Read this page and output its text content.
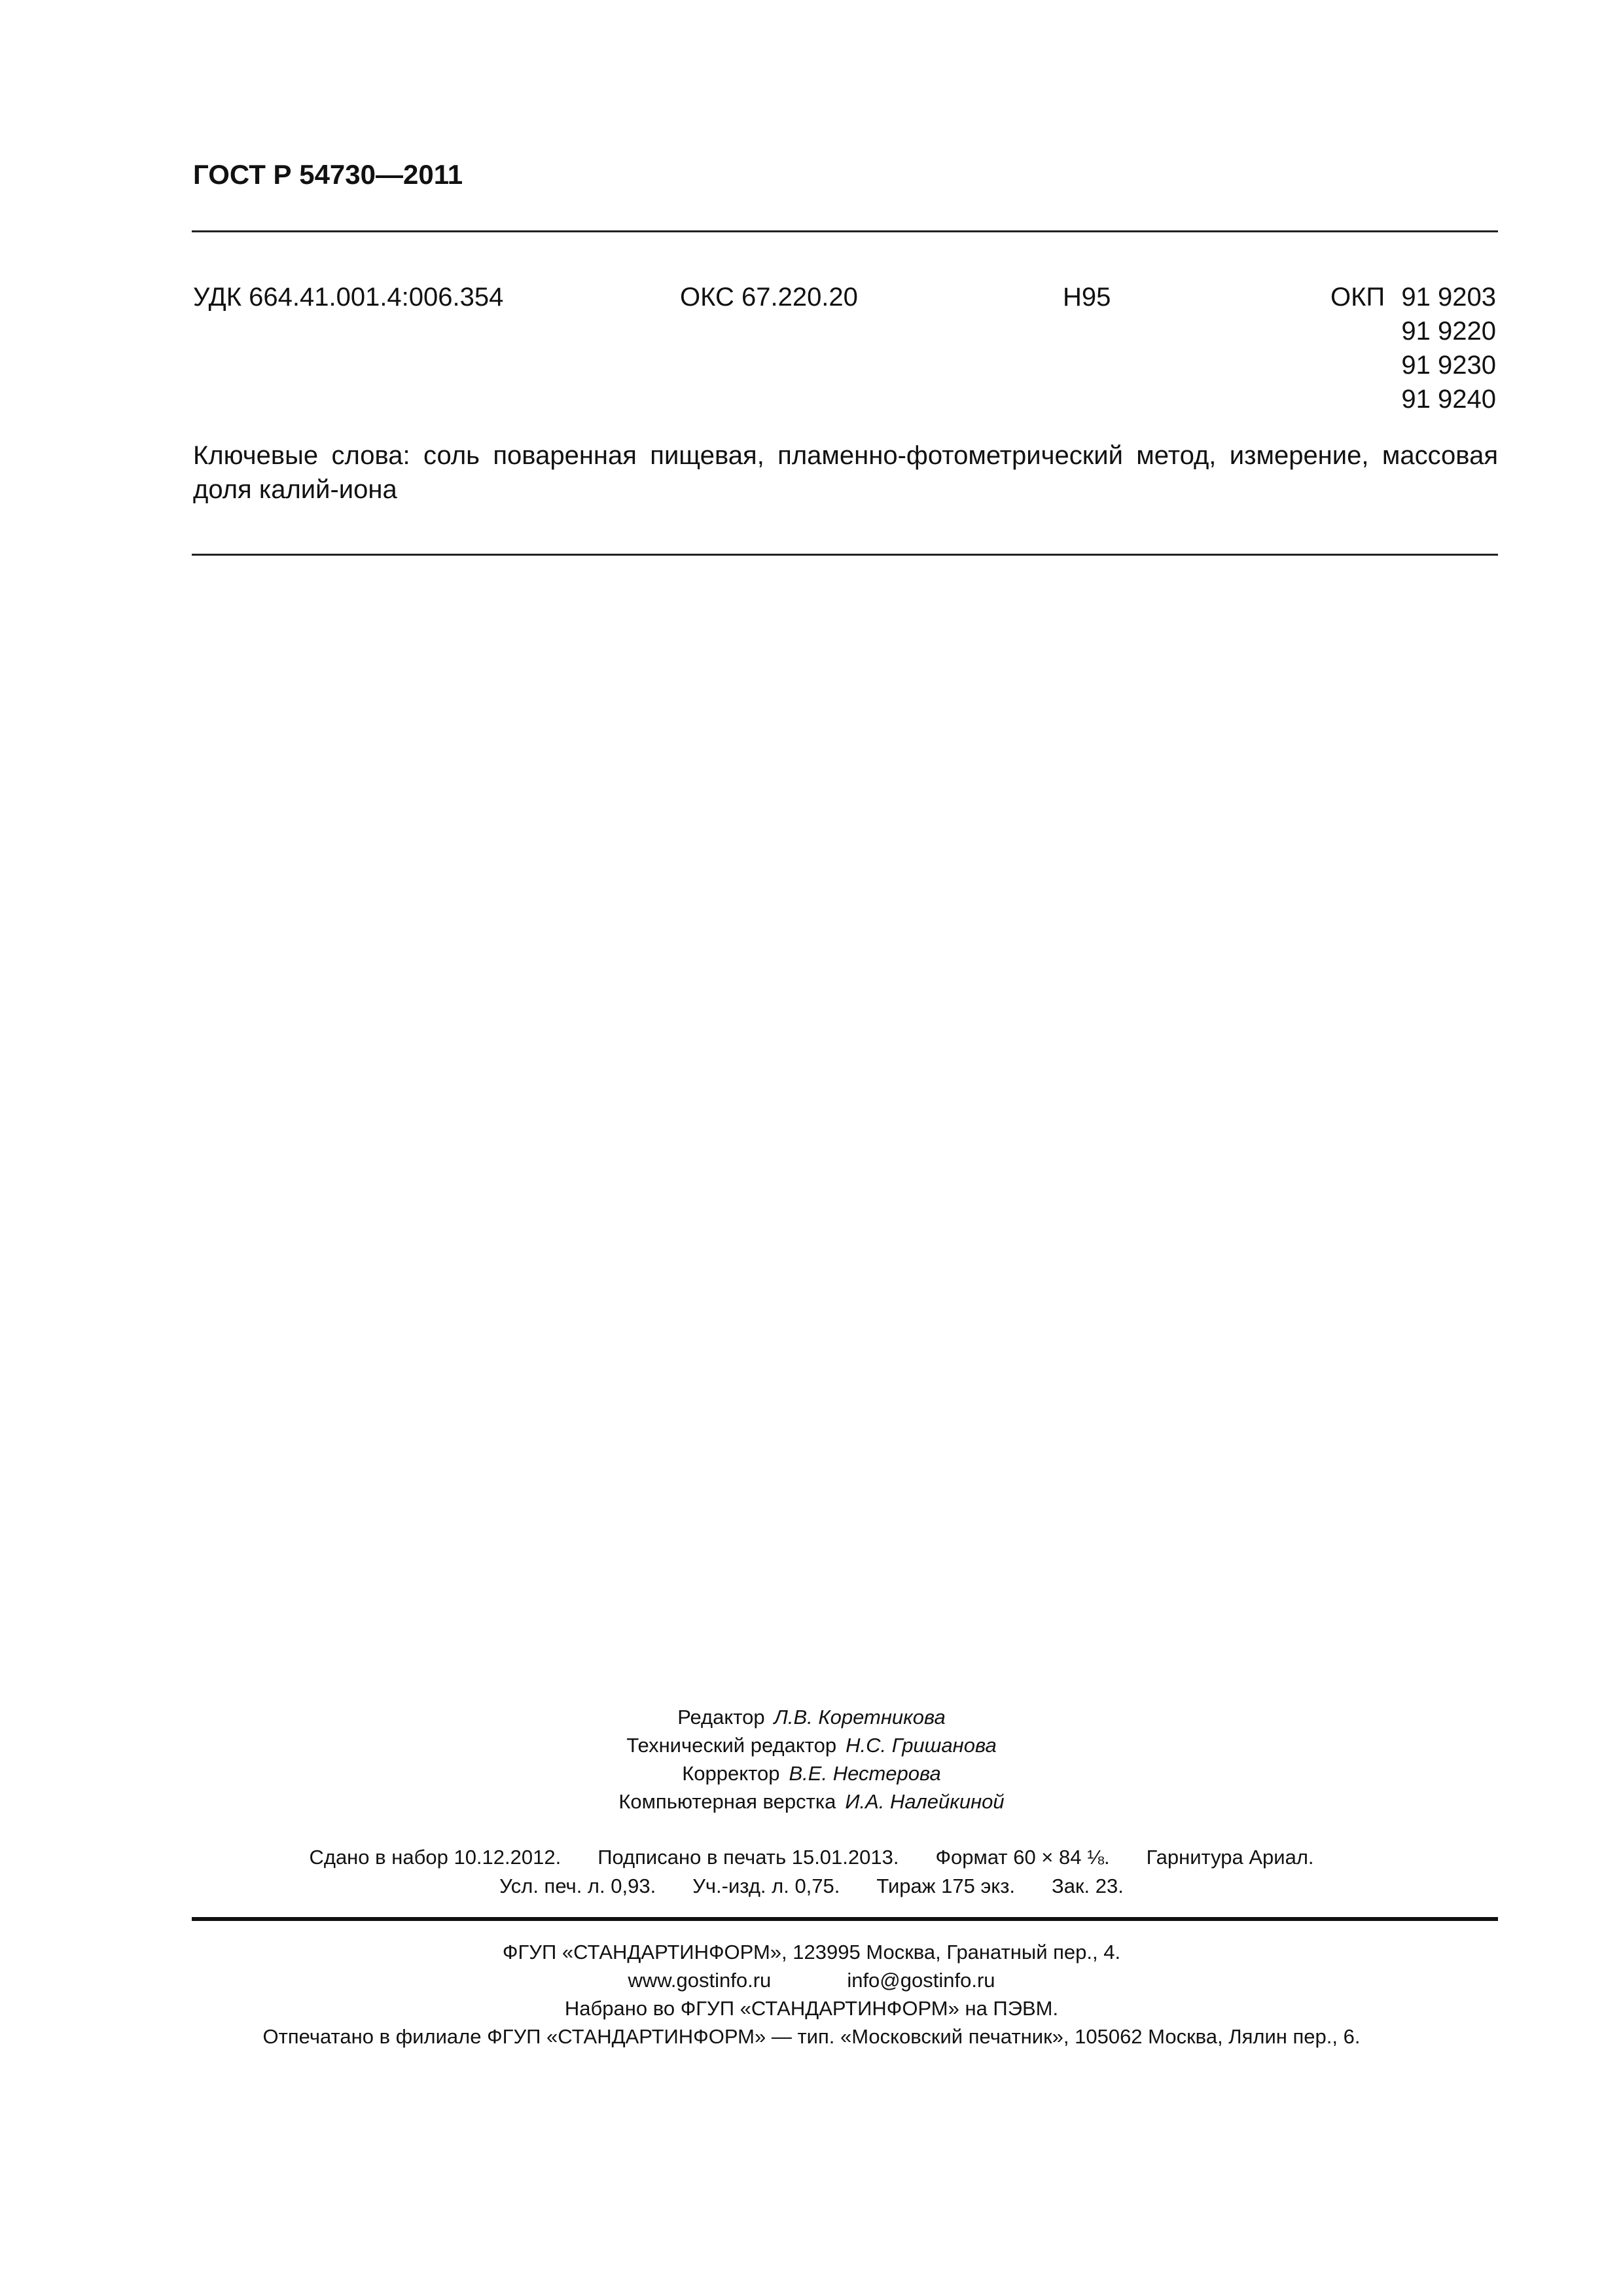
ГОСТ Р 54730—2011
УДК 664.41.001.4:006.354	ОКС 67.220.20	Н95	ОКП 91 9203
91 9220
91 9230
91 9240
Ключевые слова: соль поваренная пищевая, пламенно-фотометрический метод, измерение, массовая
доля калий-иона
Редактор Л.В. Коретникова
Технический редактор Н.С. Гришанова
Корректор В.Е. Нестерова
Компьютерная верстка И.А. Налейкиной
Сдано в набор 10.12.2012. Подписано в печать 15.01.2013. Формат 60 × 84 ⅛. Гарнитура Ариал.
Усл. печ. л. 0,93. Уч.-изд. л. 0,75. Тираж 175 экз. Зак. 23.
ФГУП «СТАНДАРТИНФОРМ», 123995 Москва, Гранатный пер., 4.
www.gostinfo.ru	info@gostinfo.ru
Набрано во ФГУП «СТАНДАРТИНФОРМ» на ПЭВМ.
Отпечатано в филиале ФГУП «СТАНДАРТИНФОРМ» — тип. «Московский печатник», 105062 Москва, Лялин пер., 6.
